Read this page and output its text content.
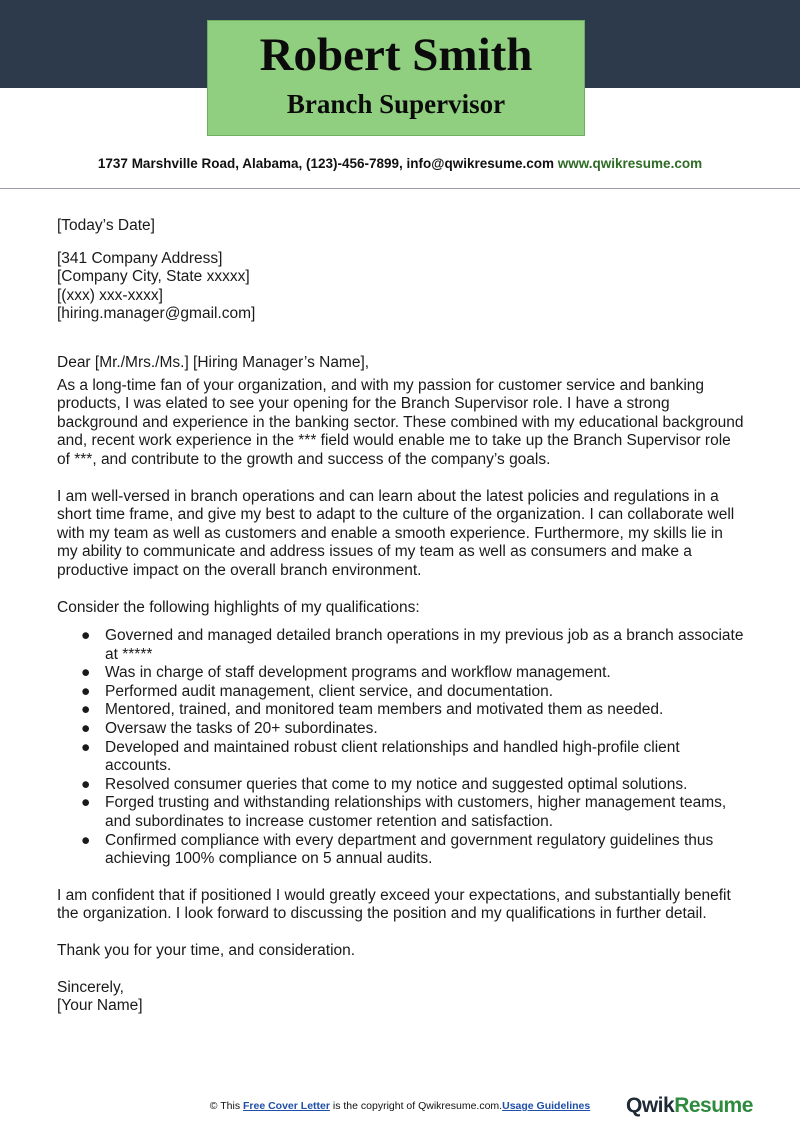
Robert Smith
Branch Supervisor
1737 Marshville Road, Alabama, (123)-456-7899, info@qwikresume.com www.qwikresume.com

[Today’s Date]

[341 Company Address]

[Company City, State xxxxx]

[(xxx) xxx-xxxx]

[hiring.manager@gmail.com]

Dear [Mr./Mrs./Ms.] [Hiring Manager’s Name],

As a long-time fan of your organization, and with my passion for customer service and banking products, I was elated to see your opening for the Branch Supervisor role. I have a strong background and experience in the banking sector. These combined with my educational background and, recent work experience in the *** field would enable me to take up the Branch Supervisor role of ***, and contribute to the growth and success of the company’s goals.

I am well-versed in branch operations and can learn about the latest policies and regulations in a short time frame, and give my best to adapt to the culture of the organization. I can collaborate well with my team as well as customers and enable a smooth experience. Furthermore, my skills lie in my ability to communicate and address issues of my team as well as consumers and make a productive impact on the overall branch environment.

Consider the following highlights of my qualifications:

● Governed and managed detailed branch operations in my previous job as a branch associate at *****
● Was in charge of staff development programs and workflow management.
● Performed audit management, client service, and documentation.
● Mentored, trained, and monitored team members and motivated them as needed.
● Oversaw the tasks of 20+ subordinates.
● Developed and maintained robust client relationships and handled high-profile client accounts.
● Resolved consumer queries that come to my notice and suggested optimal solutions.
● Forged trusting and withstanding relationships with customers, higher management teams, and subordinates to increase customer retention and satisfaction.
● Confirmed compliance with every department and government regulatory guidelines thus achieving 100% compliance on 5 annual audits.

I am confident that if positioned I would greatly exceed your expectations, and substantially benefit the organization. I look forward to discussing the position and my qualifications in further detail.

Thank you for your time, and consideration.

Sincerely,

[Your Name]

© This Free Cover Letter is the copyright of Qwikresume.com.Usage Guidelines	QwikResume
